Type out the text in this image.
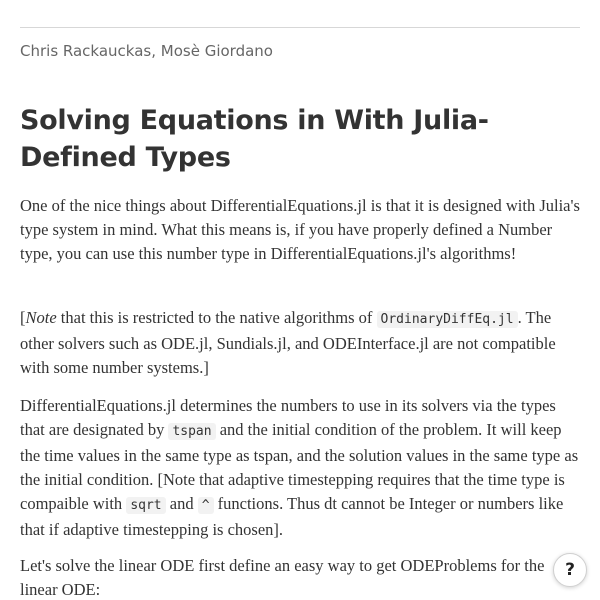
Chris Rackauckas, Mosè Giordano
Solving Equations in With Julia-Defined Types

One of the nice things about DifferentialEquations.jl is that it is designed with Julia's type system in mind. What this means is, if you have properly defined a Number type, you can use this number type in DifferentialEquations.jl's algorithms!

[Note that this is restricted to the native algorithms of OrdinaryDiffEq.jl . The other solvers such as ODE.jl, Sundials.jl, and ODEInterface.jl are not compatible with some number systems.]

DifferentialEquations.jl determines the numbers to use in its solvers via the types that are designated by tspan and the initial condition of the problem. It will keep the time values in the same type as tspan, and the solution values in the same type as the initial condition. [Note that adaptive timestepping requires that the time type is compaible with sqrt and ^ functions. Thus dt cannot be Integer or numbers like that if adaptive timestepping is chosen].

Let's solve the linear ODE first define an easy way to get ODEProblems for the linear ODE:

?
